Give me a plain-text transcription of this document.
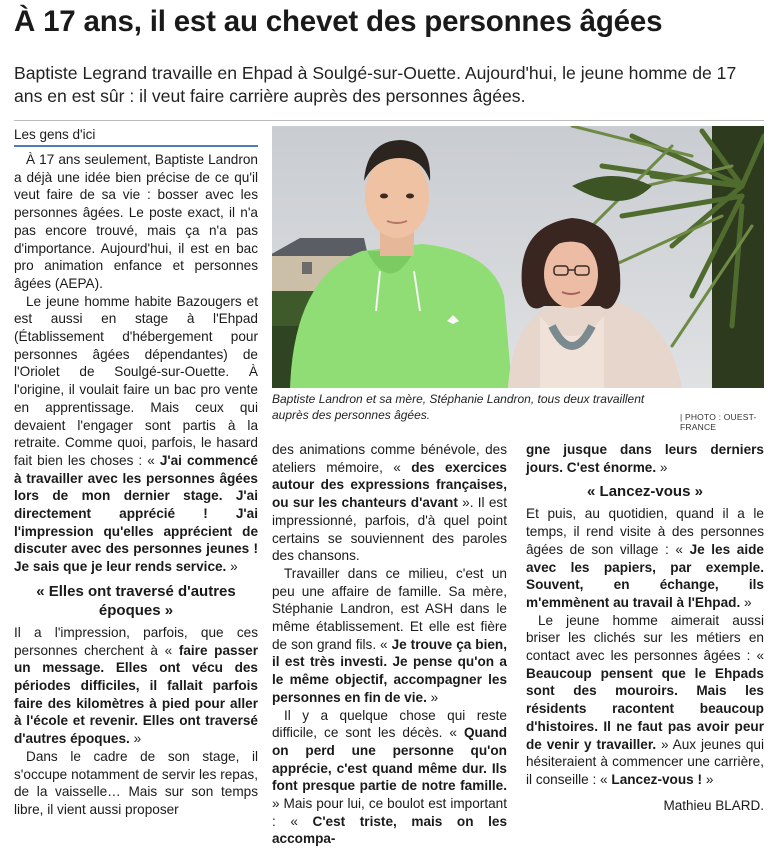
À 17 ans, il est au chevet des personnes âgées

Baptiste Legrand travaille en Ehpad à Soulgé-sur-Ouette. Aujourd'hui, le jeune homme de 17 ans en est sûr : il veut faire carrière auprès des personnes âgées.

Les gens d'ici

À 17 ans seulement, Baptiste Landron a déjà une idée bien précise de ce qu'il veut faire de sa vie : bosser avec les personnes âgées. Le poste exact, il n'a pas encore trouvé, mais ça n'a pas d'importance. Aujourd'hui, il est en bac pro animation enfance et personnes âgées (AEPA).

Le jeune homme habite Bazougers et est aussi en stage à l'Ehpad (Établissement d'hébergement pour personnes âgées dépendantes) de l'Oriolet de Soulgé-sur-Ouette. À l'origine, il voulait faire un bac pro vente en apprentissage. Mais ceux qui devaient l'engager sont partis à la retraite. Comme quoi, parfois, le hasard fait bien les choses : « J'ai commencé à travailler avec les personnes âgées lors de mon dernier stage. J'ai directement apprécié ! J'ai l'impression qu'elles apprécient de discuter avec des personnes jeunes ! Je sais que je leur rends service. »

« Elles ont traversé d'autres époques »

Il a l'impression, parfois, que ces personnes cherchent à « faire passer un message. Elles ont vécu des périodes difficiles, il fallait parfois faire des kilomètres à pied pour aller à l'école et revenir. Elles ont traversé d'autres époques. »

Dans le cadre de son stage, il s'occupe notamment de servir les repas, de la vaisselle… Mais sur son temps libre, il vient aussi proposer

Baptiste Landron et sa mère, Stéphanie Landron, tous deux travaillent auprès des personnes âgées.	| PHOTO : OUEST-FRANCE

des animations comme bénévole, des ateliers mémoire, « des exercices autour des expressions françaises, ou sur les chanteurs d'avant ». Il est impressionné, parfois, d'à quel point certains se souviennent des paroles des chansons.

Travailler dans ce milieu, c'est un peu une affaire de famille. Sa mère, Stéphanie Landron, est ASH dans le même établissement. Et elle est fière de son grand fils. « Je trouve ça bien, il est très investi. Je pense qu'on a le même objectif, accompagner les personnes en fin de vie. »

Il y a quelque chose qui reste difficile, ce sont les décès. « Quand on perd une personne qu'on apprécie, c'est quand même dur. Ils font presque partie de notre famille. » Mais pour lui, ce boulot est important : « C'est triste, mais on les accompa-

gne jusque dans leurs derniers jours. C'est énorme. »

« Lancez-vous »

Et puis, au quotidien, quand il a le temps, il rend visite à des personnes âgées de son village : « Je les aide avec les papiers, par exemple. Souvent, en échange, ils m'emmènent au travail à l'Ehpad. »

Le jeune homme aimerait aussi briser les clichés sur les métiers en contact avec les personnes âgées : « Beaucoup pensent que le Ehpads sont des mouroirs. Mais les résidents racontent beaucoup d'histoires. Il ne faut pas avoir peur de venir y travailler. » Aux jeunes qui hésiteraient à commencer une carrière, il conseille : « Lancez-vous ! »

Mathieu BLARD.
